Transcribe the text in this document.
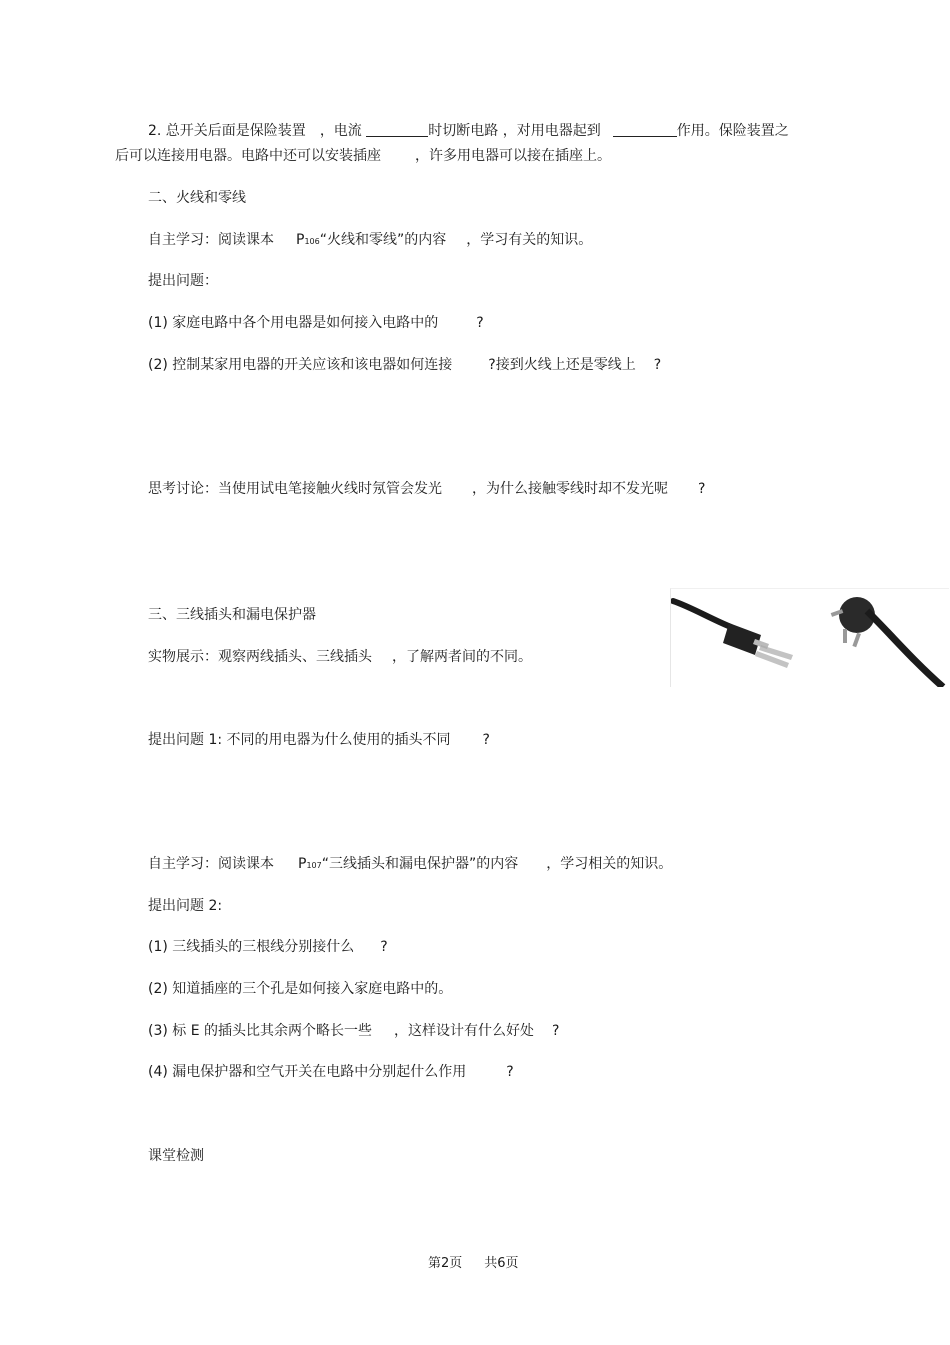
2. 总开关后面是保险装置 ，电流	时切断电路 ，对用电器起到	作用。保险装置之
后可以连接用电器。电路中还可以安装插座 ，许多用电器可以接在插座上。
二、火线和零线
自主学习：阅读课本 P106“火线和零线”的内容 ，学习有关的知识。
提出问题：
(1) 家庭电路中各个用电器是如何接入电路中的	?
(2) 控制某家用电器的开关应该和该电器如何连接	?接到火线上还是零线上 ?
思考讨论：当使用试电笔接触火线时氖管会发光 ，为什么接触零线时却不发光呢 ?
三、三线插头和漏电保护器
实物展示：观察两线插头、三线插头 ，了解两者间的不同。
提出问题 1: 不同的用电器为什么使用的插头不同 ?
自主学习：阅读课本 P107“三线插头和漏电保护器”的内容 ，学习相关的知识。
提出问题 2:
(1) 三线插头的三根线分别接什么 ?
(2) 知道插座的三个孔是如何接入家庭电路中的。
(3) 标 E 的插头比其余两个略长一些 ，这样设计有什么好处 ?
(4) 漏电保护器和空气开关在电路中分别起什么作用	?
课堂检测
第2页 共6页
